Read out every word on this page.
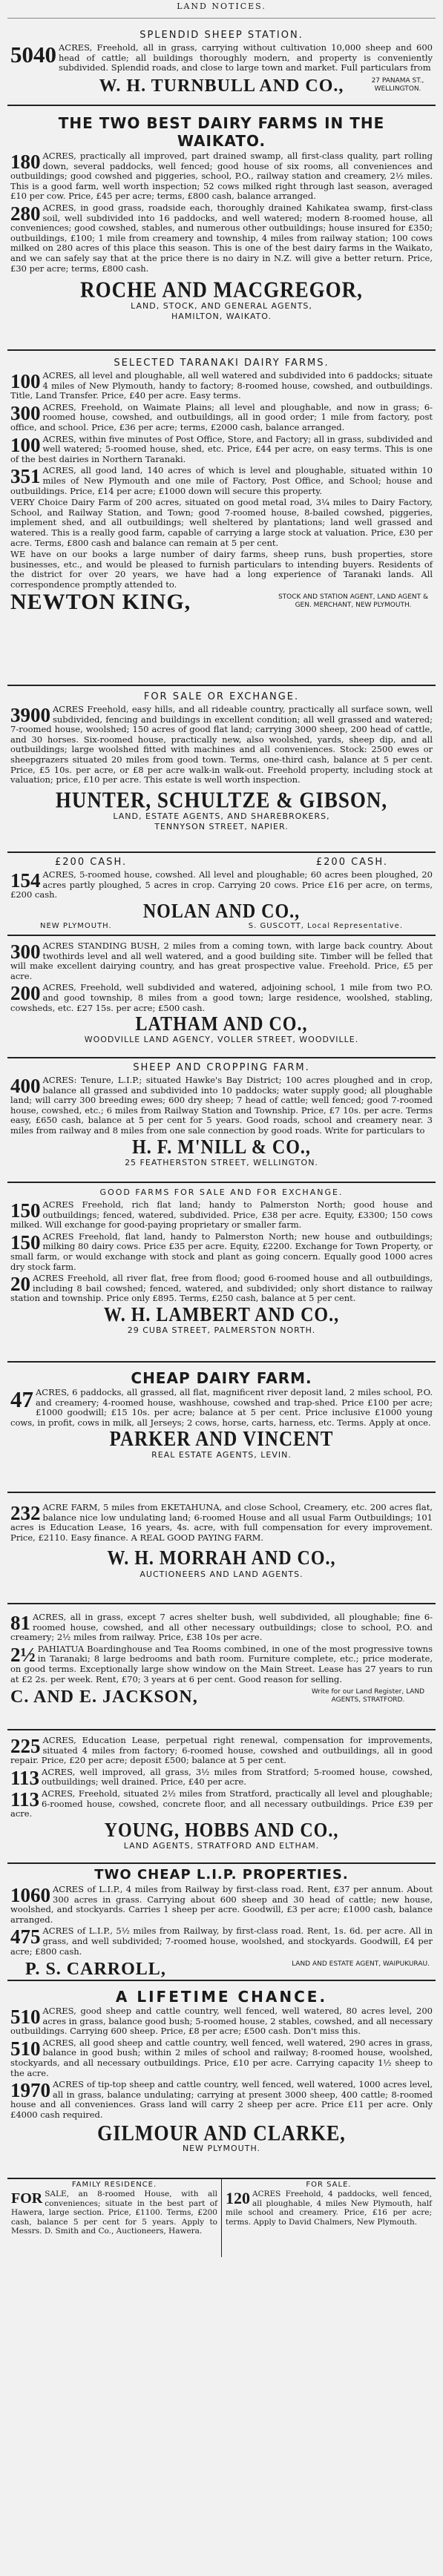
LAND NOTICES.
SPLENDID SHEEP STATION.
5040 ACRES, Freehold, all in grass, carrying without cultivation 10,000 sheep and 600 head of cattle; all buildings thoroughly modern, and property is conveniently subdivided. Splendid roads, and close to large town and market. Full particulars from
W. H. TURNBULL AND CO.,	27 PANAMA ST., WELLINGTON.
THE TWO BEST DAIRY FARMS IN THE WAIKATO.
180 ACRES, practically all improved, part drained swamp, all first-class quality, part rolling down, several paddocks, well fenced; good house of six rooms, all conveniences and outbuildings; good cowshed and piggeries, school, P.O., railway station and creamery, 2½ miles. This is a good farm, well worth inspection; 52 cows milked right through last season, averaged £10 per cow. Price, £45 per acre; terms, £800 cash, balance arranged.
280 ACRES, in good grass, roadside each, thoroughly drained Kahikatea swamp, first-class soil, well subdivided into 16 paddocks, and well watered; modern 8-roomed house, all conveniences; good cowshed, stables, and numerous other outbuildings; house insured for £350; outbuildings, £100; 1 mile from creamery and township, 4 miles from railway station; 100 cows milked on 280 acres of this place this season. This is one of the best dairy farms in the Waikato, and we can safely say that at the price there is no dairy in N.Z. will give a better return. Price, £30 per acre; terms, £800 cash.
ROCHE AND MACGREGOR,
LAND, STOCK, AND GENERAL AGENTS,
HAMILTON, WAIKATO.
SELECTED TARANAKI DAIRY FARMS.
100 ACRES, all level and ploughable, all well watered and subdivided into 6 paddocks; situate 4 miles of New Plymouth, handy to factory; 8-roomed house, cowshed, and outbuildings. Title, Land Transfer. Price, £40 per acre. Easy terms.
300 ACRES, Freehold, on Waimate Plains; all level and ploughable, and now in grass; 6-roomed house, cowshed, and outbuildings, all in good order; 1 mile from factory, post office, and school. Price, £36 per acre; terms, £2000 cash, balance arranged.
100 ACRES, within five minutes of Post Office, Store, and Factory; all in grass, subdivided and well watered; 5-roomed house, shed, etc. Price, £44 per acre, on easy terms. This is one of the best dairies in Northern Taranaki.
351 ACRES, all good land, 140 acres of which is level and ploughable, situated within 10 miles of New Plymouth and one mile of Factory, Post Office, and School; house and outbuildings. Price, £14 per acre; £1000 down will secure this property.
VERY Choice Dairy Farm of 200 acres, situated on good metal road, 3¼ miles to Dairy Factory, School, and Railway Station, and Town; good 7-roomed house, 8-bailed cowshed, piggeries, implement shed, and all outbuildings; well sheltered by plantations; land well grassed and watered. This is a really good farm, capable of carrying a large stock at valuation. Price, £30 per acre. Terms, £800 cash and balance can remain at 5 per cent.
WE have on our books a large number of dairy farms, sheep runs, bush properties, store businesses, etc., and would be pleased to furnish particulars to intending buyers. Residents of the district for over 20 years, we have had a long experience of Taranaki lands. All correspondence promptly attended to.
NEWTON KING,	STOCK AND STATION AGENT, LAND AGENT & GEN. MERCHANT, NEW PLYMOUTH.
FOR SALE OR EXCHANGE.
3900 ACRES Freehold, easy hills, and all rideable country, practically all surface sown, well subdivided, fencing and buildings in excellent condition; all well grassed and watered; 7-roomed house, woolshed; 150 acres of good flat land; carrying 3000 sheep, 200 head of cattle, and 30 horses. Six-roomed house, practically new, also woolshed, yards, sheep dip, and all outbuildings; large woolshed fitted with machines and all conveniences. Stock: 2500 ewes or sheepgrazers situated 20 miles from good town. Terms, one-third cash, balance at 5 per cent. Price, £5 10s. per acre, or £8 per acre walk-in walk-out. Freehold property, including stock at valuation; price, £10 per acre. This estate is well worth inspection.
HUNTER, SCHULTZE & GIBSON,
LAND, ESTATE AGENTS, AND SHAREBROKERS,
TENNYSON STREET, NAPIER.
£200 CASH.	£200 CASH.
154 ACRES, 5-roomed house, cowshed. All level and ploughable; 60 acres been ploughed, 20 acres partly ploughed, 5 acres in crop. Carrying 20 cows. Price £16 per acre, on terms, £200 cash.
NOLAN AND CO.,
NEW PLYMOUTH.	S. GUSCOTT, Local Representative.
300 ACRES STANDING BUSH, 2 miles from a coming town, with large back country. About twothirds level and all well watered, and a good building site. Timber will be felled that will make excellent dairying country, and has great prospective value. Freehold. Price, £5 per acre.
200 ACRES, Freehold, well subdivided and watered, adjoining school, 1 mile from two P.O. and good township, 8 miles from a good town; large residence, woolshed, stabling, cowsheds, etc. £27 15s. per acre; £500 cash.
LATHAM AND CO.,
WOODVILLE LAND AGENCY, VOLLER STREET, WOODVILLE.
SHEEP AND CROPPING FARM.
400 ACRES: Tenure, L.I.P.; situated Hawke's Bay District; 100 acres ploughed and in crop, balance all grassed and subdivided into 10 paddocks; water supply good; all ploughable land; will carry 300 breeding ewes; 600 dry sheep; 7 head of cattle; well fenced; good 7-roomed house, cowshed, etc.; 6 miles from Railway Station and Township. Price, £7 10s. per acre. Terms easy, £650 cash, balance at 5 per cent for 5 years. Good roads, school and creamery near. 3 miles from railway and 8 miles from one sale connection by good roads. Write for particulars to
H. F. M'NILL & CO.,
25 FEATHERSTON STREET, WELLINGTON.
GOOD FARMS FOR SALE AND FOR EXCHANGE.
150 ACRES Freehold, rich flat land; handy to Palmerston North; good house and outbuildings; fenced, watered, subdivided. Price, £38 per acre. Equity, £3300; 150 cows milked. Will exchange for good-paying proprietary or smaller farm.
150 ACRES Freehold, flat land, handy to Palmerston North; new house and outbuildings; milking 80 dairy cows. Price £35 per acre. Equity, £2200. Exchange for Town Property, or small farm, or would exchange with stock and plant as going concern. Equally good 1000 acres dry stock farm.
20 ACRES Freehold, all river flat, free from flood; good 6-roomed house and all outbuildings, including 8 bail cowshed; fenced, watered, and subdivided; only short distance to railway station and township. Price only £895. Terms, £250 cash, balance at 5 per cent.
W. H. LAMBERT AND CO.,
29 CUBA STREET, PALMERSTON NORTH.
CHEAP DAIRY FARM.
47 ACRES, 6 paddocks, all grassed, all flat, magnificent river deposit land, 2 miles school, P.O. and creamery; 4-roomed house, washhouse, cowshed and trap-shed. Price £100 per acre; £1000 goodwill; £15 10s. per acre; balance at 5 per cent. Price inclusive £1000 young cows, in profit, cows in milk, all Jerseys; 2 cows, horse, carts, harness, etc. Terms. Apply at once.
PARKER AND VINCENT
REAL ESTATE AGENTS, LEVIN.
232 ACRE FARM, 5 miles from EKETAHUNA, and close School, Creamery, etc. 200 acres flat, balance nice low undulating land; 6-roomed House and all usual Farm Outbuildings; 101 acres is Education Lease, 16 years, 4s. acre, with full compensation for every improvement. Price, £2110. Easy finance. A REAL GOOD PAYING FARM.
W. H. MORRAH AND CO.,
AUCTIONEERS AND LAND AGENTS.
81 ACRES, all in grass, except 7 acres shelter bush, well subdivided, all ploughable; fine 6-roomed house, cowshed, and all other necessary outbuildings; close to school, P.O. and creamery; 2½ miles from railway. Price, £38 10s per acre.
2½ PAHIATUA Boardinghouse and Tea Rooms combined, in one of the most progressive towns in Taranaki; 8 large bedrooms and bath room. Furniture complete, etc.; price moderate, on good terms. Exceptionally large show window on the Main Street. Lease has 27 years to run at £2 2s. per week. Rent, £70; 3 years at 6 per cent. Good reason for selling.
C. AND E. JACKSON,	Write for our Land Register, LAND AGENTS, STRATFORD.
225 ACRES, Education Lease, perpetual right renewal, compensation for improvements, situated 4 miles from factory; 6-roomed house, cowshed and outbuildings, all in good repair. Price, £20 per acre; deposit £500; balance at 5 per cent.
113 ACRES, well improved, all grass, 3½ miles from Stratford; 5-roomed house, cowshed, outbuildings; well drained. Price, £40 per acre.
113 ACRES, Freehold, situated 2½ miles from Stratford, practically all level and ploughable; 6-roomed house, cowshed, concrete floor, and all necessary outbuildings. Price £39 per acre.
YOUNG, HOBBS AND CO.,
LAND AGENTS, STRATFORD AND ELTHAM.
TWO CHEAP L.I.P. PROPERTIES.
1060 ACRES of L.I.P., 4 miles from Railway by first-class road. Rent, £37 per annum. About 300 acres in grass. Carrying about 600 sheep and 30 head of cattle; new house, woolshed, and stockyards. Carries 1 sheep per acre. Goodwill, £3 per acre; £1000 cash, balance arranged.
475 ACRES of L.I.P., 5½ miles from Railway, by first-class road. Rent, 1s. 6d. per acre. All in grass, and well subdivided; 7-roomed house, woolshed, and stockyards. Goodwill, £4 per acre; £800 cash.
P. S. CARROLL,	LAND AND ESTATE AGENT, WAIPUKURAU.
A LIFETIME CHANCE.
510 ACRES, good sheep and cattle country, well fenced, well watered, 80 acres level, 200 acres in grass, balance good bush; 5-roomed house, 2 stables, cowshed, and all necessary outbuildings. Carrying 600 sheep. Price, £8 per acre; £500 cash. Don't miss this.
510 ACRES, all good sheep and cattle country, well fenced, well watered, 290 acres in grass, balance in good bush; within 2 miles of school and railway; 8-roomed house, woolshed, stockyards, and all necessary outbuildings. Price, £10 per acre. Carrying capacity 1½ sheep to the acre.
1970 ACRES of tip-top sheep and cattle country, well fenced, well watered, 1000 acres level, all in grass, balance undulating; carrying at present 3000 sheep, 400 cattle; 8-roomed house and all conveniences. Grass land will carry 2 sheep per acre. Price £11 per acre. Only £4000 cash required.
GILMOUR AND CLARKE,
NEW PLYMOUTH.
FAMILY RESIDENCE.
FOR SALE, an 8-roomed House, with all conveniences; situate in the best part of Hawera, large section. Price, £1100. Terms, £200 cash, balance 5 per cent for 5 years. Apply to Messrs. D. Smith and Co., Auctioneers, Hawera.
FOR SALE.
120 ACRES Freehold, 4 paddocks, well fenced, all ploughable, 4 miles New Plymouth, half mile school and creamery. Price, £16 per acre; terms. Apply to David Chalmers, New Plymouth.
